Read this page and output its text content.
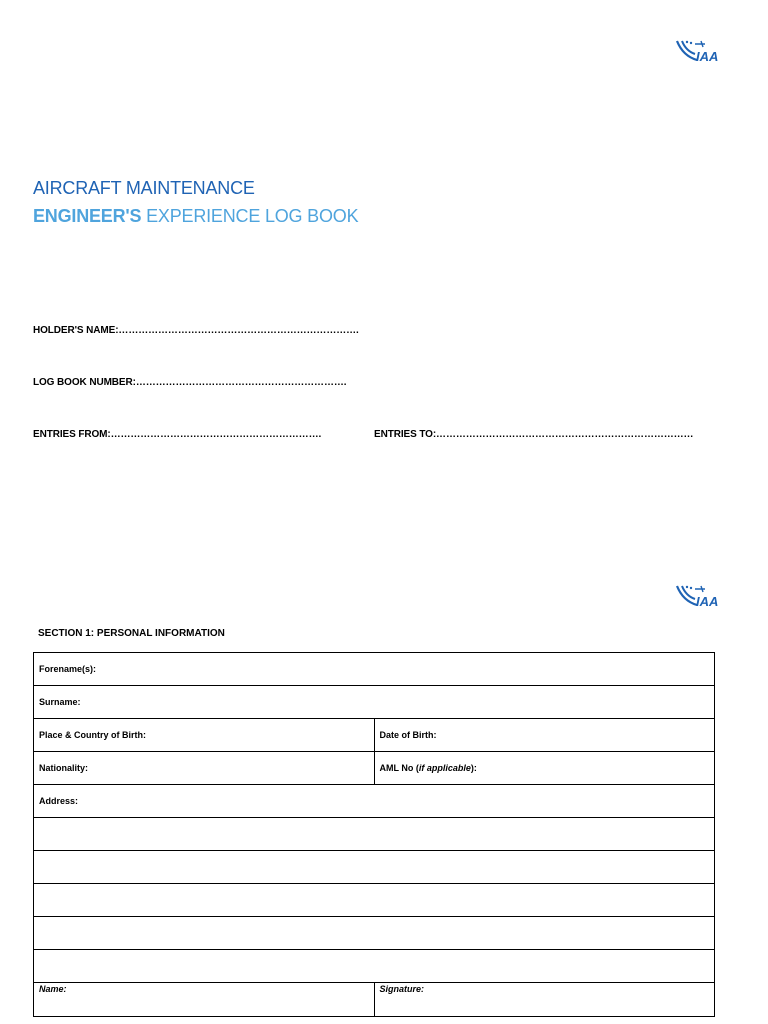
IAA
AIRCRAFT MAINTENANCE
ENGINEER'S EXPERIENCE LOG BOOK
HOLDER'S NAME:……………………………………………………………….
LOG BOOK NUMBER:……………………………………………………….
ENTRIES FROM:……………………………………………………….	ENTRIES TO:……………………………………………………………………
IAA
SECTION 1: PERSONAL INFORMATION
Forename(s):	
Surname:	
Place & Country of Birth:	Date of Birth:
Nationality:	AML No (if applicable):
Address:	

Name:	Signature:
